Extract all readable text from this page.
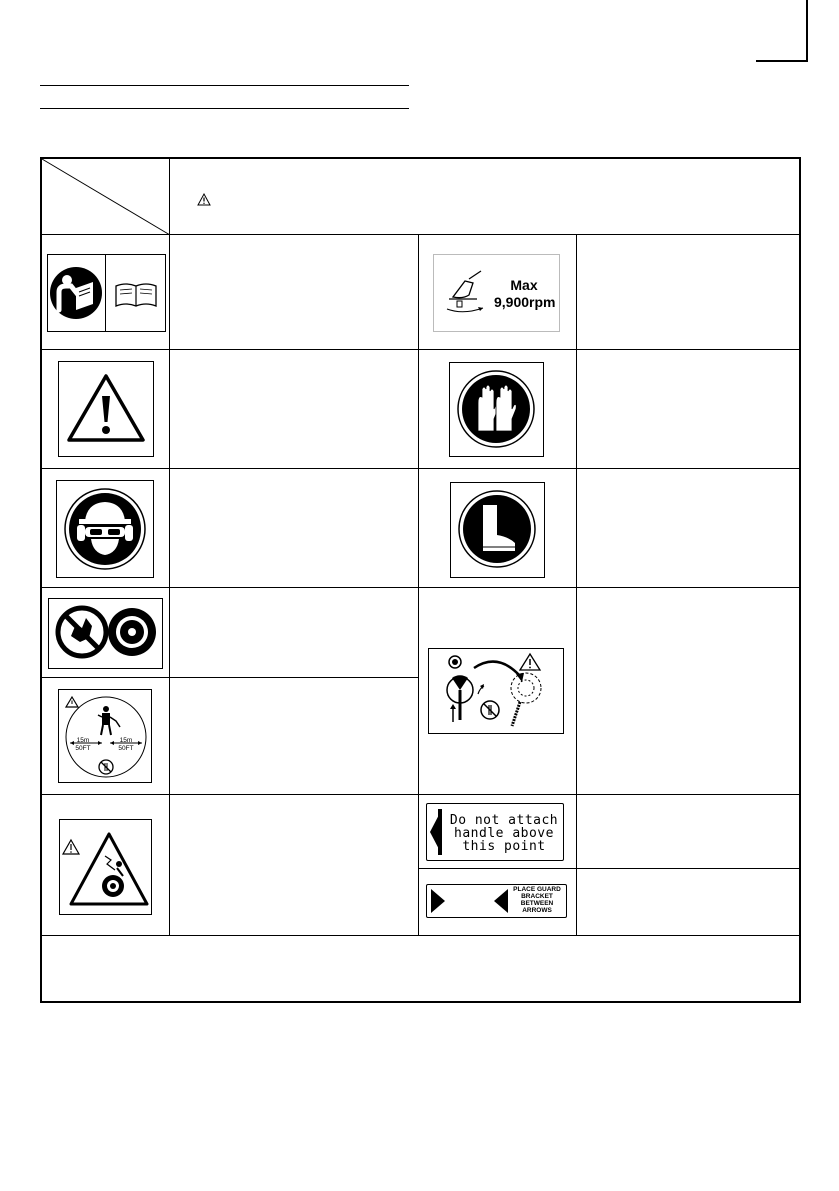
Max
9,900rpm
15m
50FT
15m
50FT
Do not attach
handle above
this point
PLACE GUARD
BRACKET
BETWEEN
ARROWS
